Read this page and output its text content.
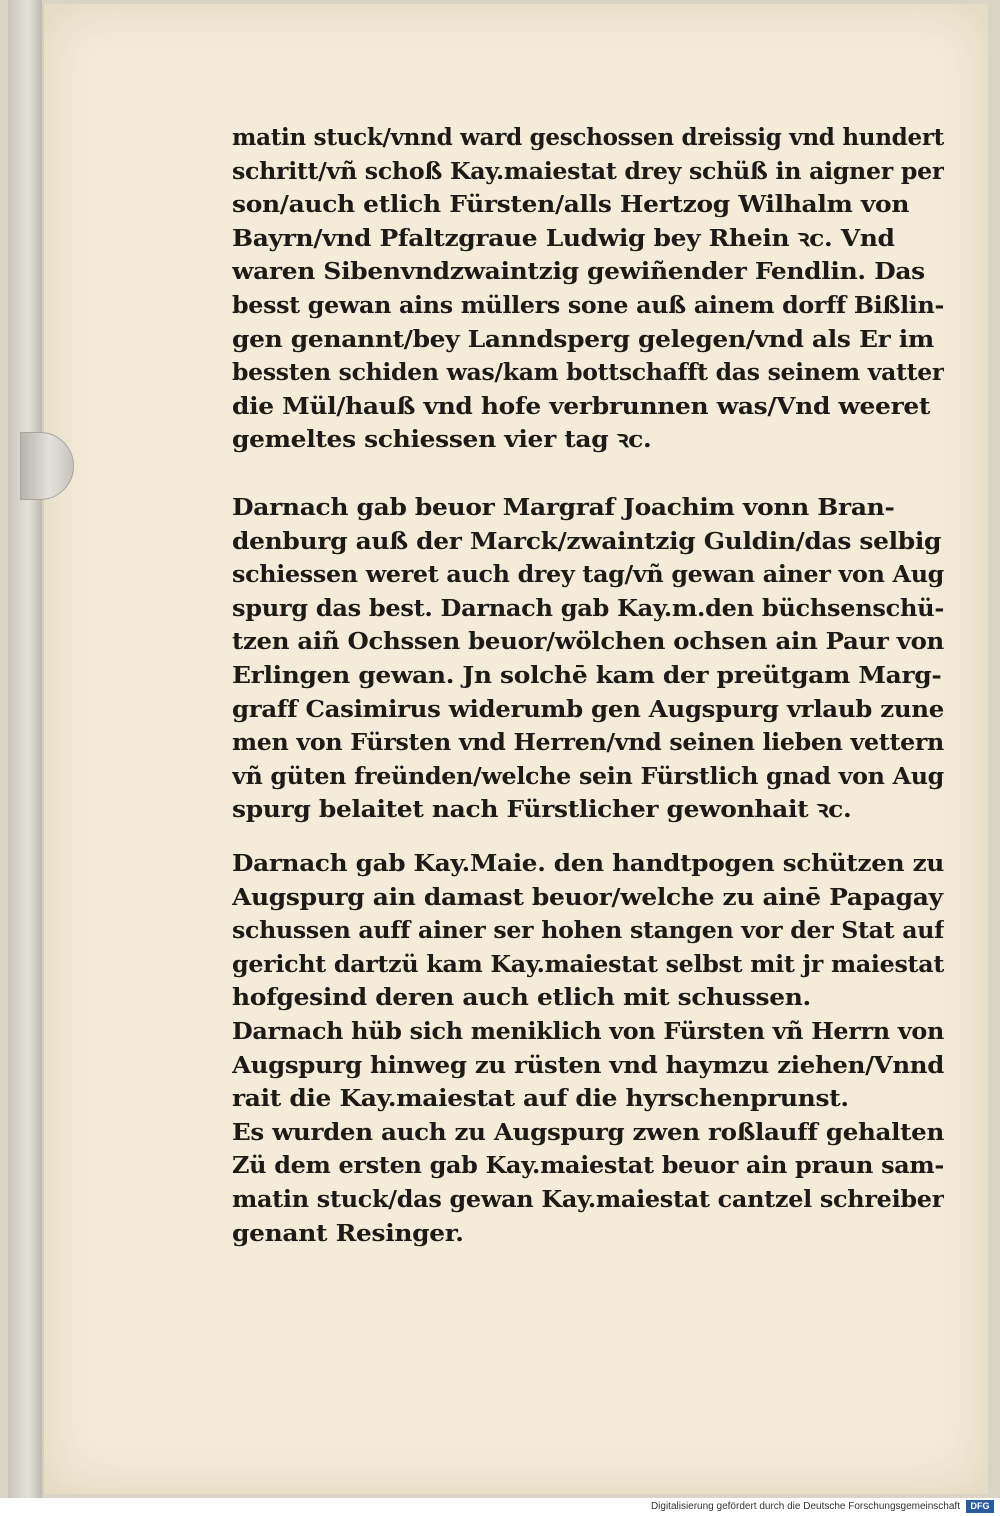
matin stuck/vnnd ward geschossen dreissig vnd hundert
schritt/vñ schoß Kay.maiestat drey schüß in aigner per
son/auch etlich Fürsten/alls Hertzog Wilhalm von
Bayrn/vnd Pfaltzgraue Ludwig bey Rhein ꝛc. Vnd
waren Sibenvndzwaintzig gewiñender Fendlin. Das
besst gewan ains müllers sone auß ainem dorff Bißlin-
gen genannt/bey Lanndsperg gelegen/vnd als Er im
bessten schiden was/kam bottschafft das seinem vatter
die Mül/hauß vnd hofe verbrunnen was/Vnd weeret
gemeltes schiessen vier tag ꝛc.
Darnach gab beuor Margraf Joachim vonn Bran-
denburg auß der Marck/zwaintzig Guldin/das selbig
schiessen weret auch drey tag/vñ gewan ainer von Aug
spurg das best. Darnach gab Kay.m.den büchsenschü-
tzen aiñ Ochssen beuor/wölchen ochsen ain Paur von
Erlingen gewan. Jn solchē kam der preütgam Marg-
graff Casimirus widerumb gen Augspurg vrlaub zune
men von Fürsten vnd Herren/vnd seinen lieben vettern
vñ güten freünden/welche sein Fürstlich gnad von Aug
spurg belaitet nach Fürstlicher gewonhait ꝛc.
Darnach gab Kay.Maie. den handtpogen schützen zu
Augspurg ain damast beuor/welche zu ainē Papagay
schussen auff ainer ser hohen stangen vor der Stat auf
gericht dartzü kam Kay.maiestat selbst mit jr maiestat
hofgesind deren auch etlich mit schussen.
Darnach hüb sich meniklich von Fürsten vñ Herrn von
Augspurg hinweg zu rüsten vnd haymzu ziehen/Vnnd
rait die Kay.maiestat auf die hyrschenprunst.
Es wurden auch zu Augspurg zwen roßlauff gehalten
Zü dem ersten gab Kay.maiestat beuor ain praun sam-
matin stuck/das gewan Kay.maiestat cantzel schreiber
genant Resinger.
Digitalisierung gefördert durch die Deutsche Forschungsgemeinschaft	DFG
